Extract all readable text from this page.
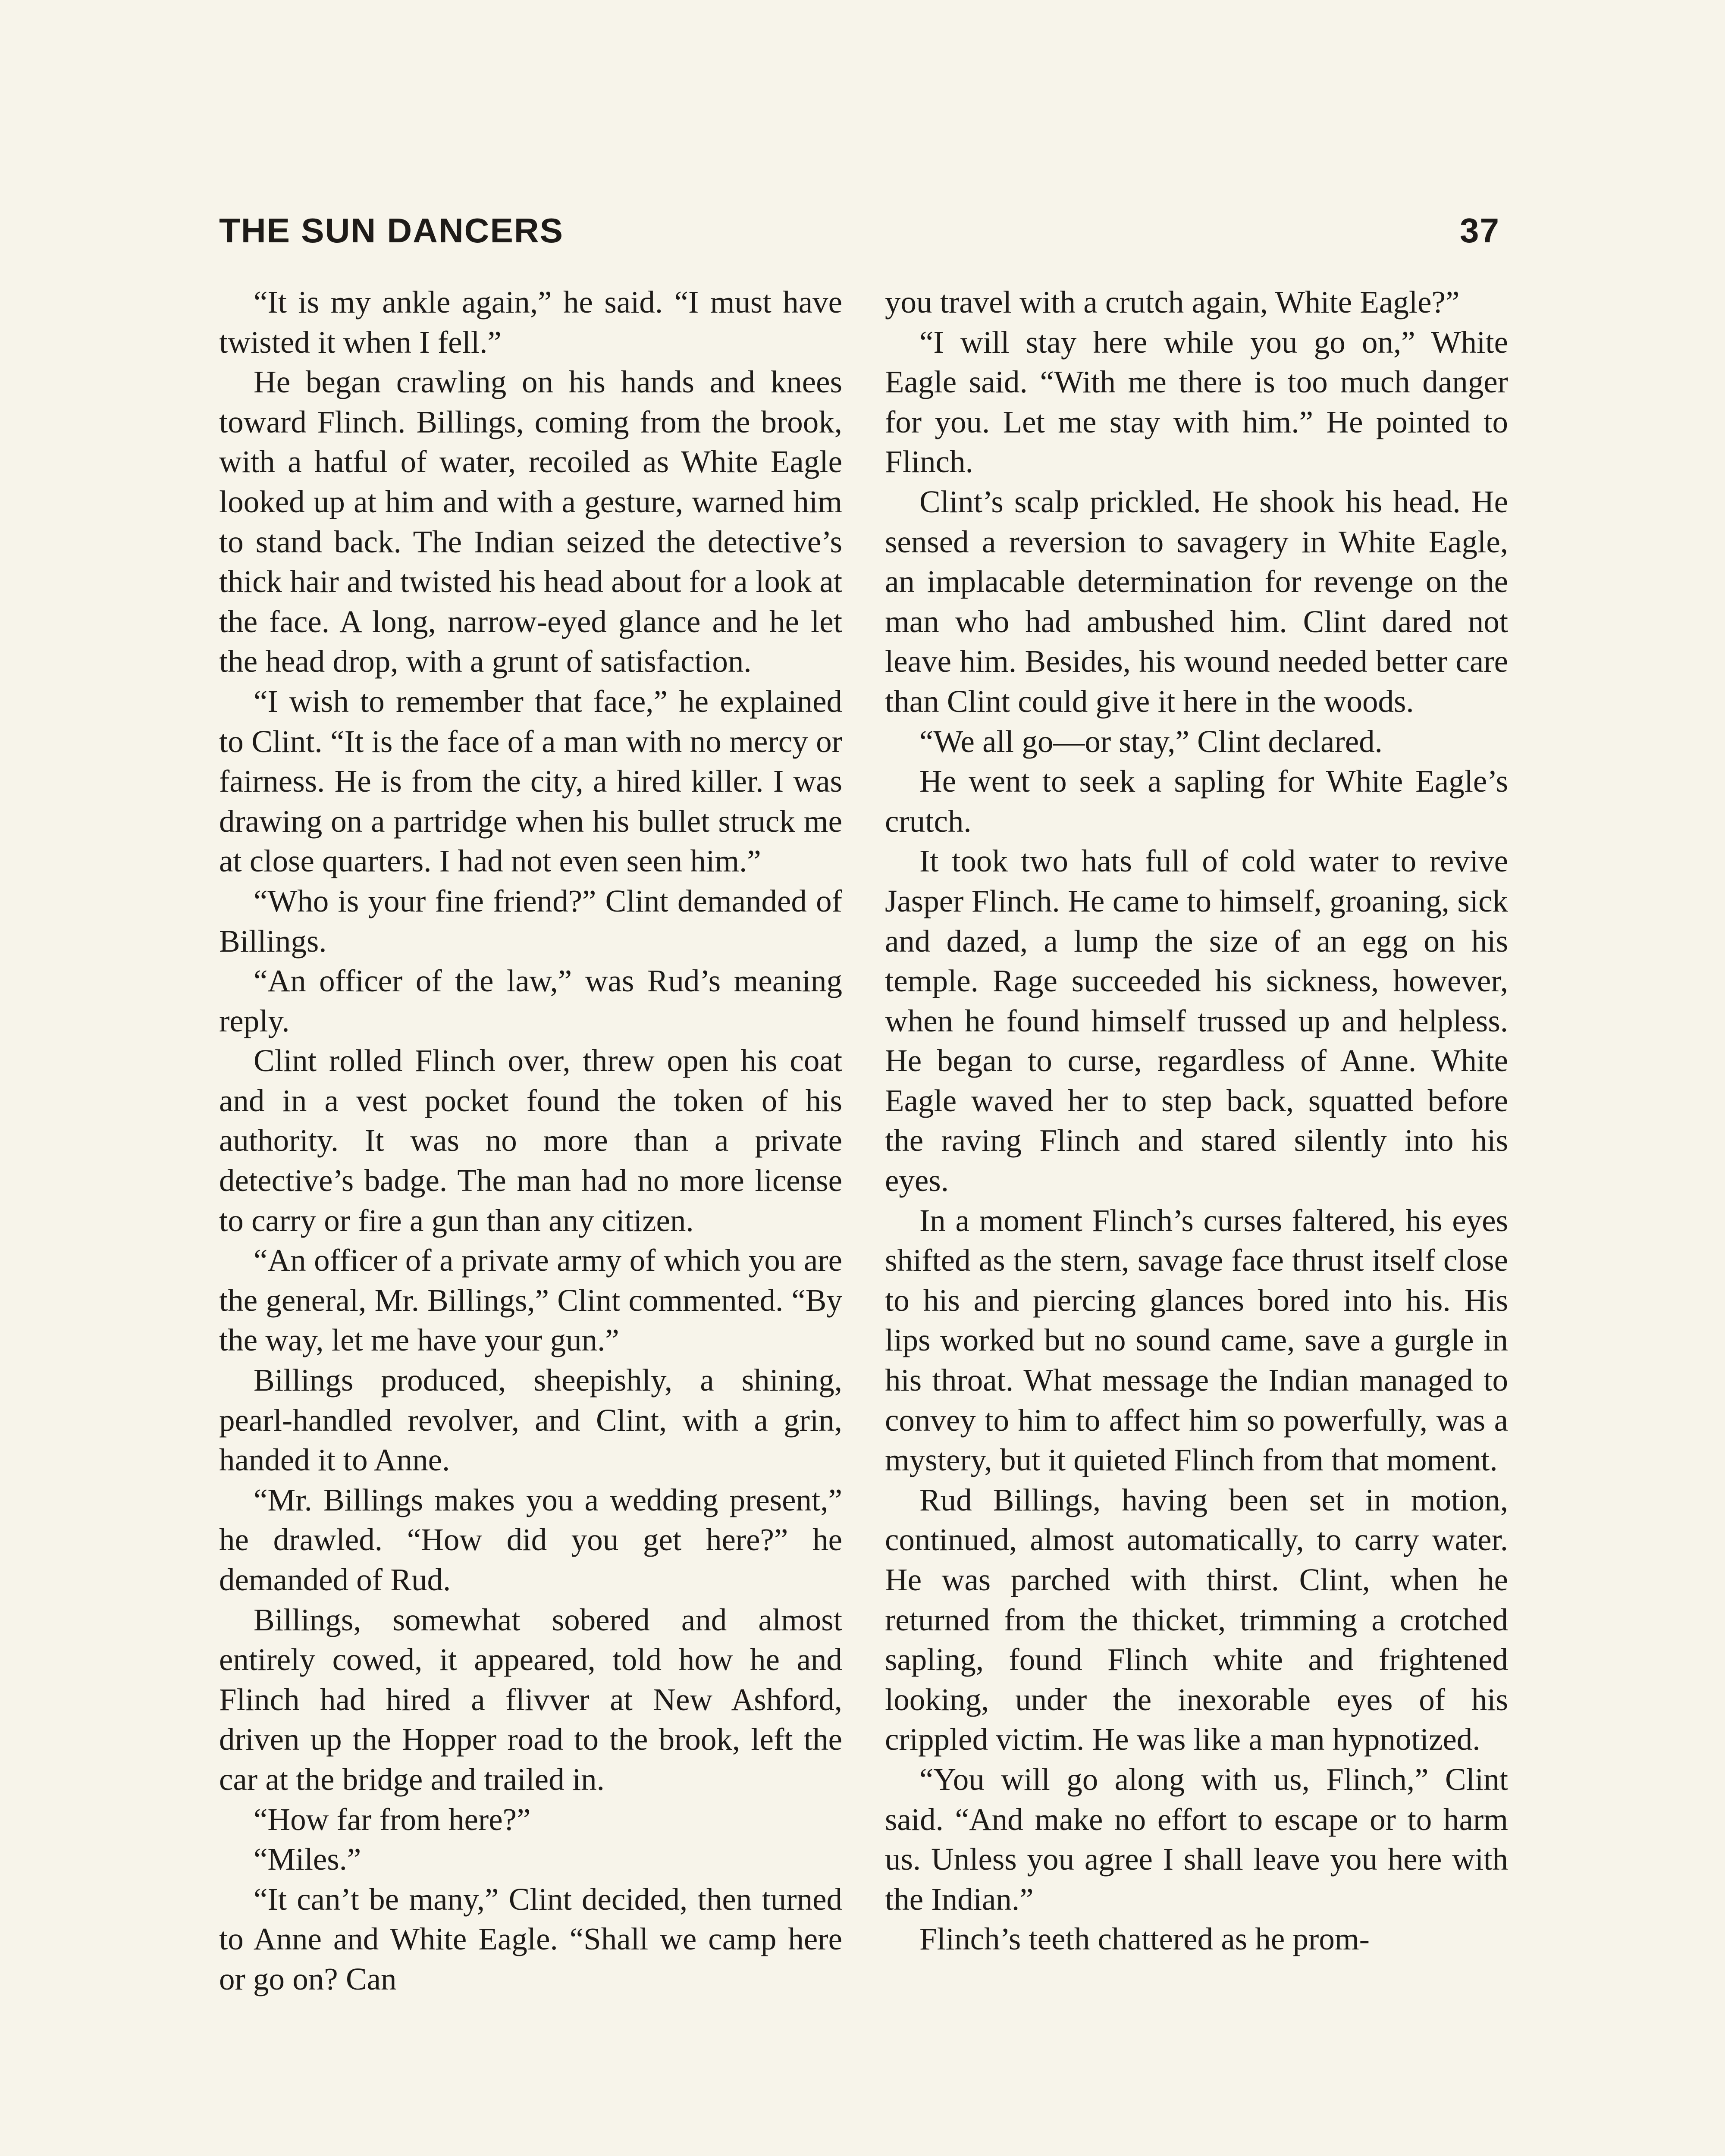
THE SUN DANCERS	37

“It is my ankle again,” he said. “I must have twisted it when I fell.”

He began crawling on his hands and knees toward Flinch. Billings, coming from the brook, with a hatful of water, recoiled as White Eagle looked up at him and with a gesture, warned him to stand back. The Indian seized the detective’s thick hair and twisted his head about for a look at the face. A long, narrow-eyed glance and he let the head drop, with a grunt of satisfaction.

“I wish to remember that face,” he explained to Clint. “It is the face of a man with no mercy or fairness. He is from the city, a hired killer. I was drawing on a partridge when his bullet struck me at close quarters. I had not even seen him.”

“Who is your fine friend?” Clint demanded of Billings.

“An officer of the law,” was Rud’s meaning reply.

Clint rolled Flinch over, threw open his coat and in a vest pocket found the token of his authority. It was no more than a private detective’s badge. The man had no more license to carry or fire a gun than any citizen.

“An officer of a private army of which you are the general, Mr. Billings,” Clint commented. “By the way, let me have your gun.”

Billings produced, sheepishly, a shining, pearl-handled revolver, and Clint, with a grin, handed it to Anne.

“Mr. Billings makes you a wedding present,” he drawled. “How did you get here?” he demanded of Rud.

Billings, somewhat sobered and almost entirely cowed, it appeared, told how he and Flinch had hired a flivver at New Ashford, driven up the Hopper road to the brook, left the car at the bridge and trailed in.

“How far from here?”

“Miles.”

“It can’t be many,” Clint decided, then turned to Anne and White Eagle. “Shall we camp here or go on? Can

you travel with a crutch again, White Eagle?”

“I will stay here while you go on,” White Eagle said. “With me there is too much danger for you. Let me stay with him.” He pointed to Flinch.

Clint’s scalp prickled. He shook his head. He sensed a reversion to savagery in White Eagle, an implacable determination for revenge on the man who had ambushed him. Clint dared not leave him. Besides, his wound needed better care than Clint could give it here in the woods.

“We all go—or stay,” Clint declared.

He went to seek a sapling for White Eagle’s crutch.

It took two hats full of cold water to revive Jasper Flinch. He came to himself, groaning, sick and dazed, a lump the size of an egg on his temple. Rage succeeded his sickness, however, when he found himself trussed up and helpless. He began to curse, regardless of Anne. White Eagle waved her to step back, squatted before the raving Flinch and stared silently into his eyes.

In a moment Flinch’s curses faltered, his eyes shifted as the stern, savage face thrust itself close to his and piercing glances bored into his. His lips worked but no sound came, save a gurgle in his throat. What message the Indian managed to convey to him to affect him so powerfully, was a mystery, but it quieted Flinch from that moment.

Rud Billings, having been set in motion, continued, almost automatically, to carry water. He was parched with thirst. Clint, when he returned from the thicket, trimming a crotched sapling, found Flinch white and frightened looking, under the inexorable eyes of his crippled victim. He was like a man hypnotized.

“You will go along with us, Flinch,” Clint said. “And make no effort to escape or to harm us. Unless you agree I shall leave you here with the Indian.”

Flinch’s teeth chattered as he prom-
